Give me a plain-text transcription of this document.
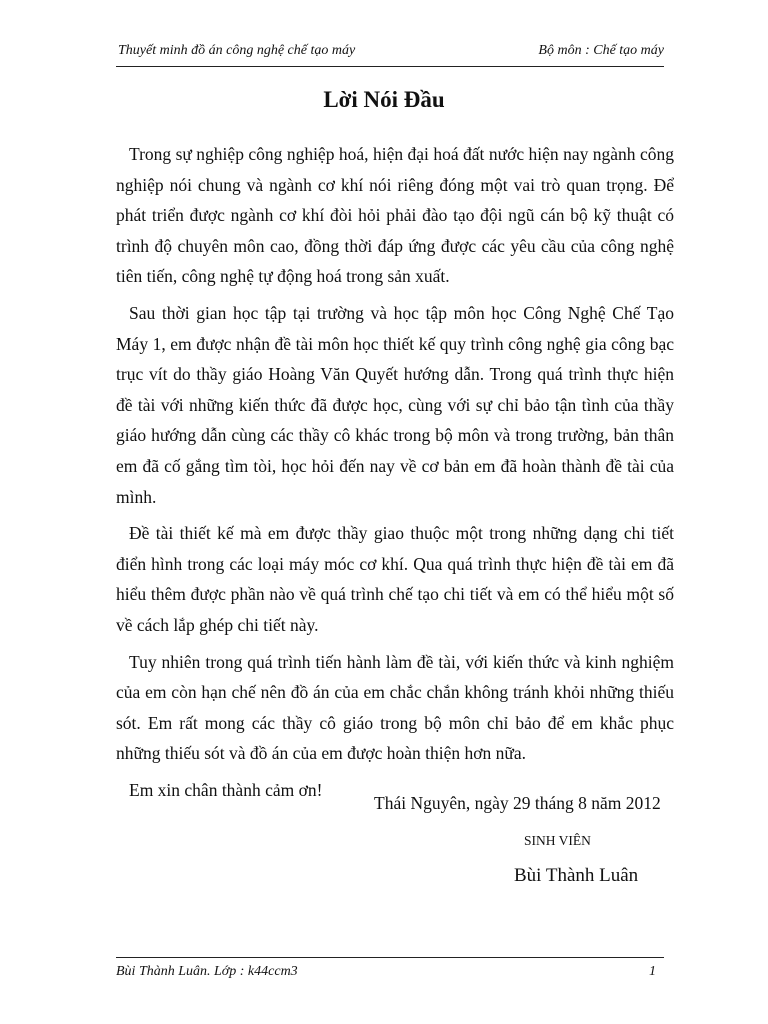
Thuyết minh đồ án công nghệ chế tạo máy	Bộ môn : Chế tạo máy
Lời Nói Đầu

Trong sự nghiệp công nghiệp hoá, hiện đại hoá đất nước hiện nay ngành công nghiệp nói chung và ngành cơ khí nói riêng đóng một vai trò quan trọng. Để phát triển được ngành cơ khí đòi hỏi phải đào tạo đội ngũ cán bộ kỹ thuật có trình độ chuyên môn cao, đồng thời đáp ứng được các yêu cầu của công nghệ tiên tiến, công nghệ tự động hoá trong sản xuất.

Sau thời gian học tập tại trường và học tập môn học Công Nghệ Chế Tạo Máy 1, em được nhận đề tài môn học thiết kế quy trình công nghệ gia công bạc trục vít do thầy giáo Hoàng Văn Quyết hướng dẫn. Trong quá trình thực hiện đề tài với những kiến thức đã được học, cùng với sự chỉ bảo tận tình của thầy giáo hướng dẫn cùng các thầy cô khác trong bộ môn và trong trường, bản thân em đã cố gắng tìm tòi, học hỏi đến nay về cơ bản em đã hoàn thành đề tài của mình.

Đề tài thiết kế mà em được thầy giao thuộc một trong những dạng chi tiết điển hình trong các loại máy móc cơ khí. Qua quá trình thực hiện đề tài em đã hiểu thêm được phần nào về quá trình chế tạo chi tiết và em có thể hiểu một số về cách lắp ghép chi tiết này.

Tuy nhiên trong quá trình tiến hành làm đề tài, với kiến thức và kinh nghiệm của em còn hạn chế nên đồ án của em chắc chắn không tránh khỏi những thiếu sót. Em rất mong các thầy cô giáo trong bộ môn chỉ bảo để em khắc phục những thiếu sót và đồ án của em được hoàn thiện hơn nữa.

Em xin chân thành cảm ơn!

Thái Nguyên, ngày 29 tháng 8 năm 2012
SINH VIÊN
Bùi Thành Luân
Bùi Thành Luân. Lớp : k44ccm3	1
